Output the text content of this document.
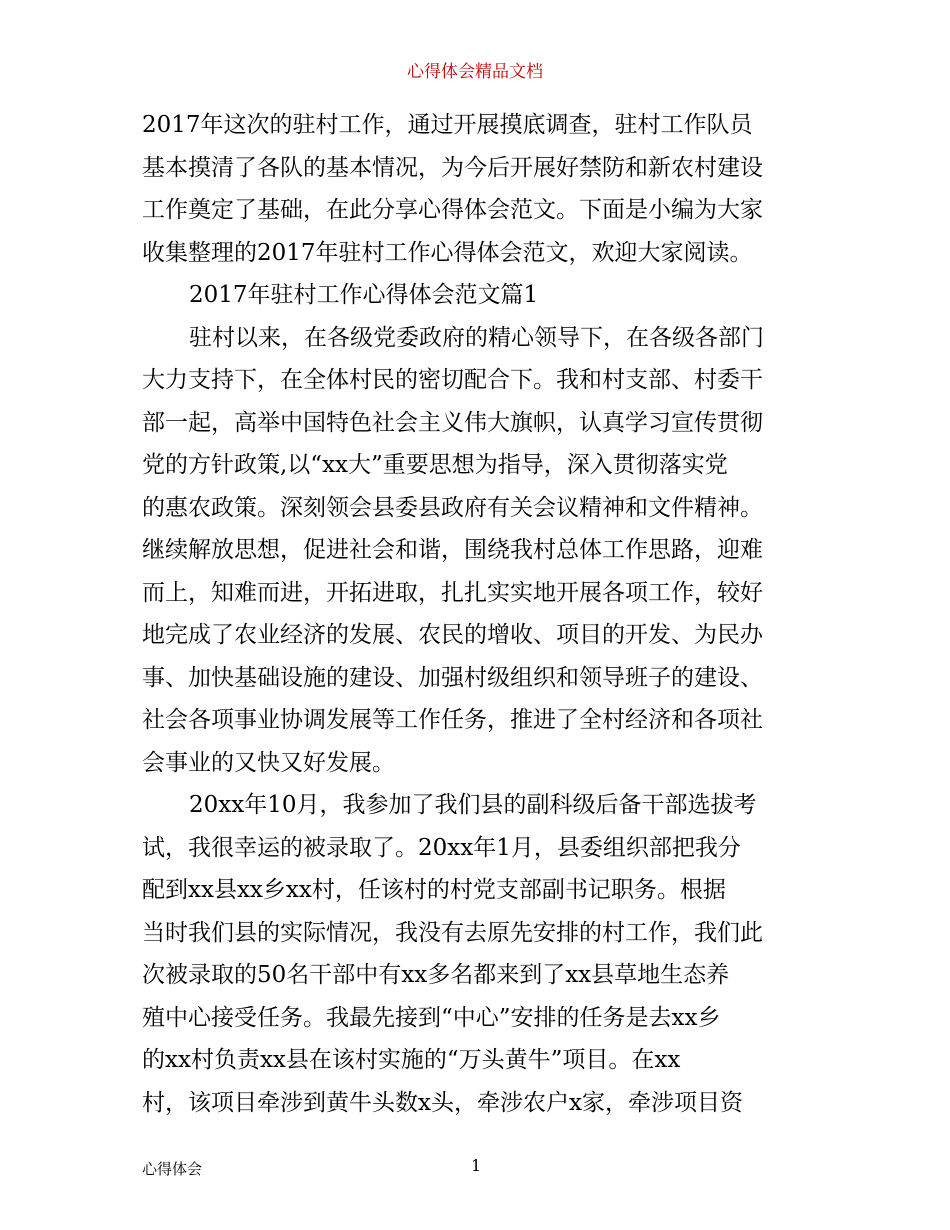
心得体会精品文档
2017年这次的驻村工作，通过开展摸底调查，驻村工作队员
基本摸清了各队的基本情况，为今后开展好禁防和新农村建设
工作奠定了基础，在此分享心得体会范文。下面是小编为大家
收集整理的2017年驻村工作心得体会范文，欢迎大家阅读。
2017年驻村工作心得体会范文篇1
驻村以来，在各级党委政府的精心领导下，在各级各部门
大力支持下，在全体村民的密切配合下。我和村支部、村委干
部一起，高举中国特色社会主义伟大旗帜，认真学习宣传贯彻
党的方针政策,以“xx大”重要思想为指导，深入贯彻落实党
的惠农政策。深刻领会县委县政府有关会议精神和文件精神。
继续解放思想，促进社会和谐，围绕我村总体工作思路，迎难
而上，知难而进，开拓进取，扎扎实实地开展各项工作，较好
地完成了农业经济的发展、农民的增收、项目的开发、为民办
事、加快基础设施的建设、加强村级组织和领导班子的建设、
社会各项事业协调发展等工作任务，推进了全村经济和各项社
会事业的又快又好发展。
20xx年10月，我参加了我们县的副科级后备干部选拔考
试，我很幸运的被录取了。20xx年1月，县委组织部把我分
配到xx县xx乡xx村，任该村的村党支部副书记职务。根据
当时我们县的实际情况，我没有去原先安排的村工作，我们此
次被录取的50名干部中有xx多名都来到了xx县草地生态养
殖中心接受任务。我最先接到“中心”安排的任务是去xx乡
的xx村负责xx县在该村实施的“万头黄牛”项目。在xx
村，该项目牵涉到黄牛头数x头，牵涉农户x家，牵涉项目资
心得体会	1
